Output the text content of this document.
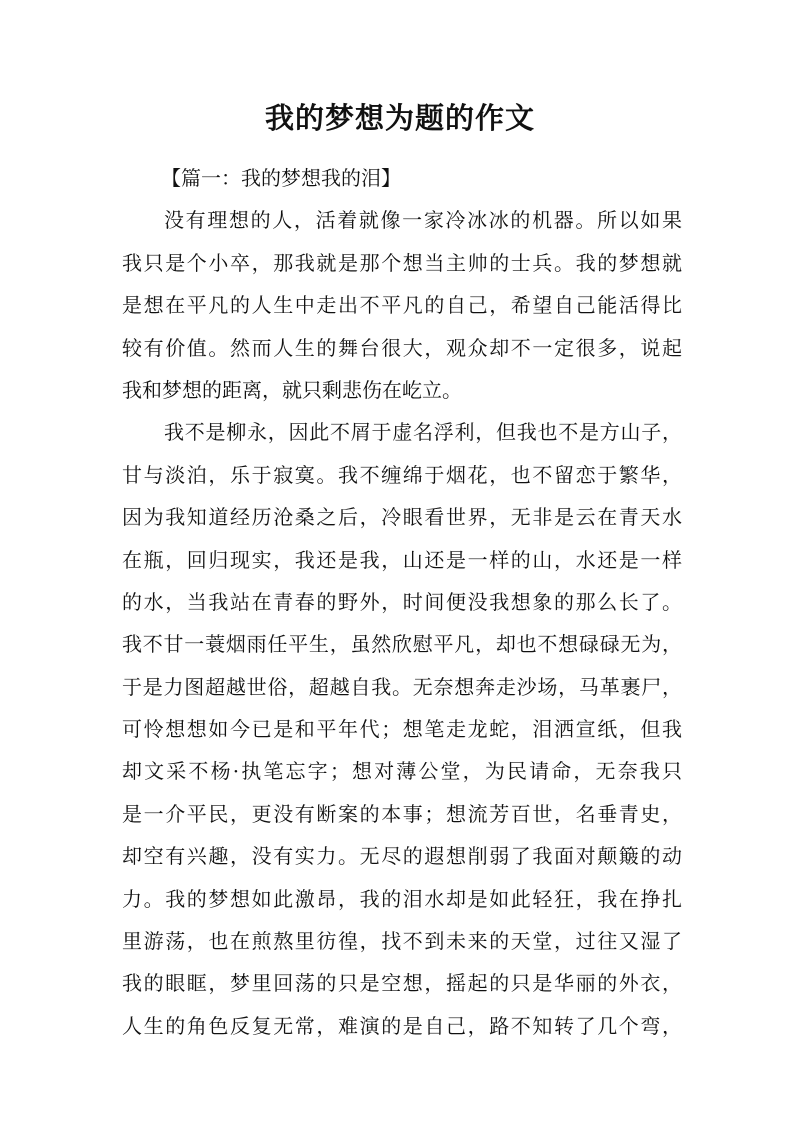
我的梦想为题的作文
【篇一：我的梦想我的泪】
没有理想的人，活着就像一家冷冰冰的机器。所以如果
我只是个小卒，那我就是那个想当主帅的士兵。我的梦想就
是想在平凡的人生中走出不平凡的自己，希望自己能活得比
较有价值。然而人生的舞台很大，观众却不一定很多，说起
我和梦想的距离，就只剩悲伤在屹立。
我不是柳永，因此不屑于虚名浮利，但我也不是方山子，
甘与淡泊，乐于寂寞。我不缠绵于烟花，也不留恋于繁华，
因为我知道经历沧桑之后，冷眼看世界，无非是云在青天水
在瓶，回归现实，我还是我，山还是一样的山，水还是一样
的水，当我站在青春的野外，时间便没我想象的那么长了。
我不甘一蓑烟雨任平生，虽然欣慰平凡，却也不想碌碌无为，
于是力图超越世俗，超越自我。无奈想奔走沙场，马革裹尸，
可怜想想如今已是和平年代；想笔走龙蛇，泪洒宣纸，但我
却文采不杨·执笔忘字；想对薄公堂，为民请命，无奈我只
是一介平民，更没有断案的本事；想流芳百世，名垂青史，
却空有兴趣，没有实力。无尽的遐想削弱了我面对颠簸的动
力。我的梦想如此激昂，我的泪水却是如此轻狂，我在挣扎
里游荡，也在煎熬里彷徨，找不到未来的天堂，过往又湿了
我的眼眶，梦里回荡的只是空想，摇起的只是华丽的外衣，
人生的角色反复无常，难演的是自己，路不知转了几个弯，
